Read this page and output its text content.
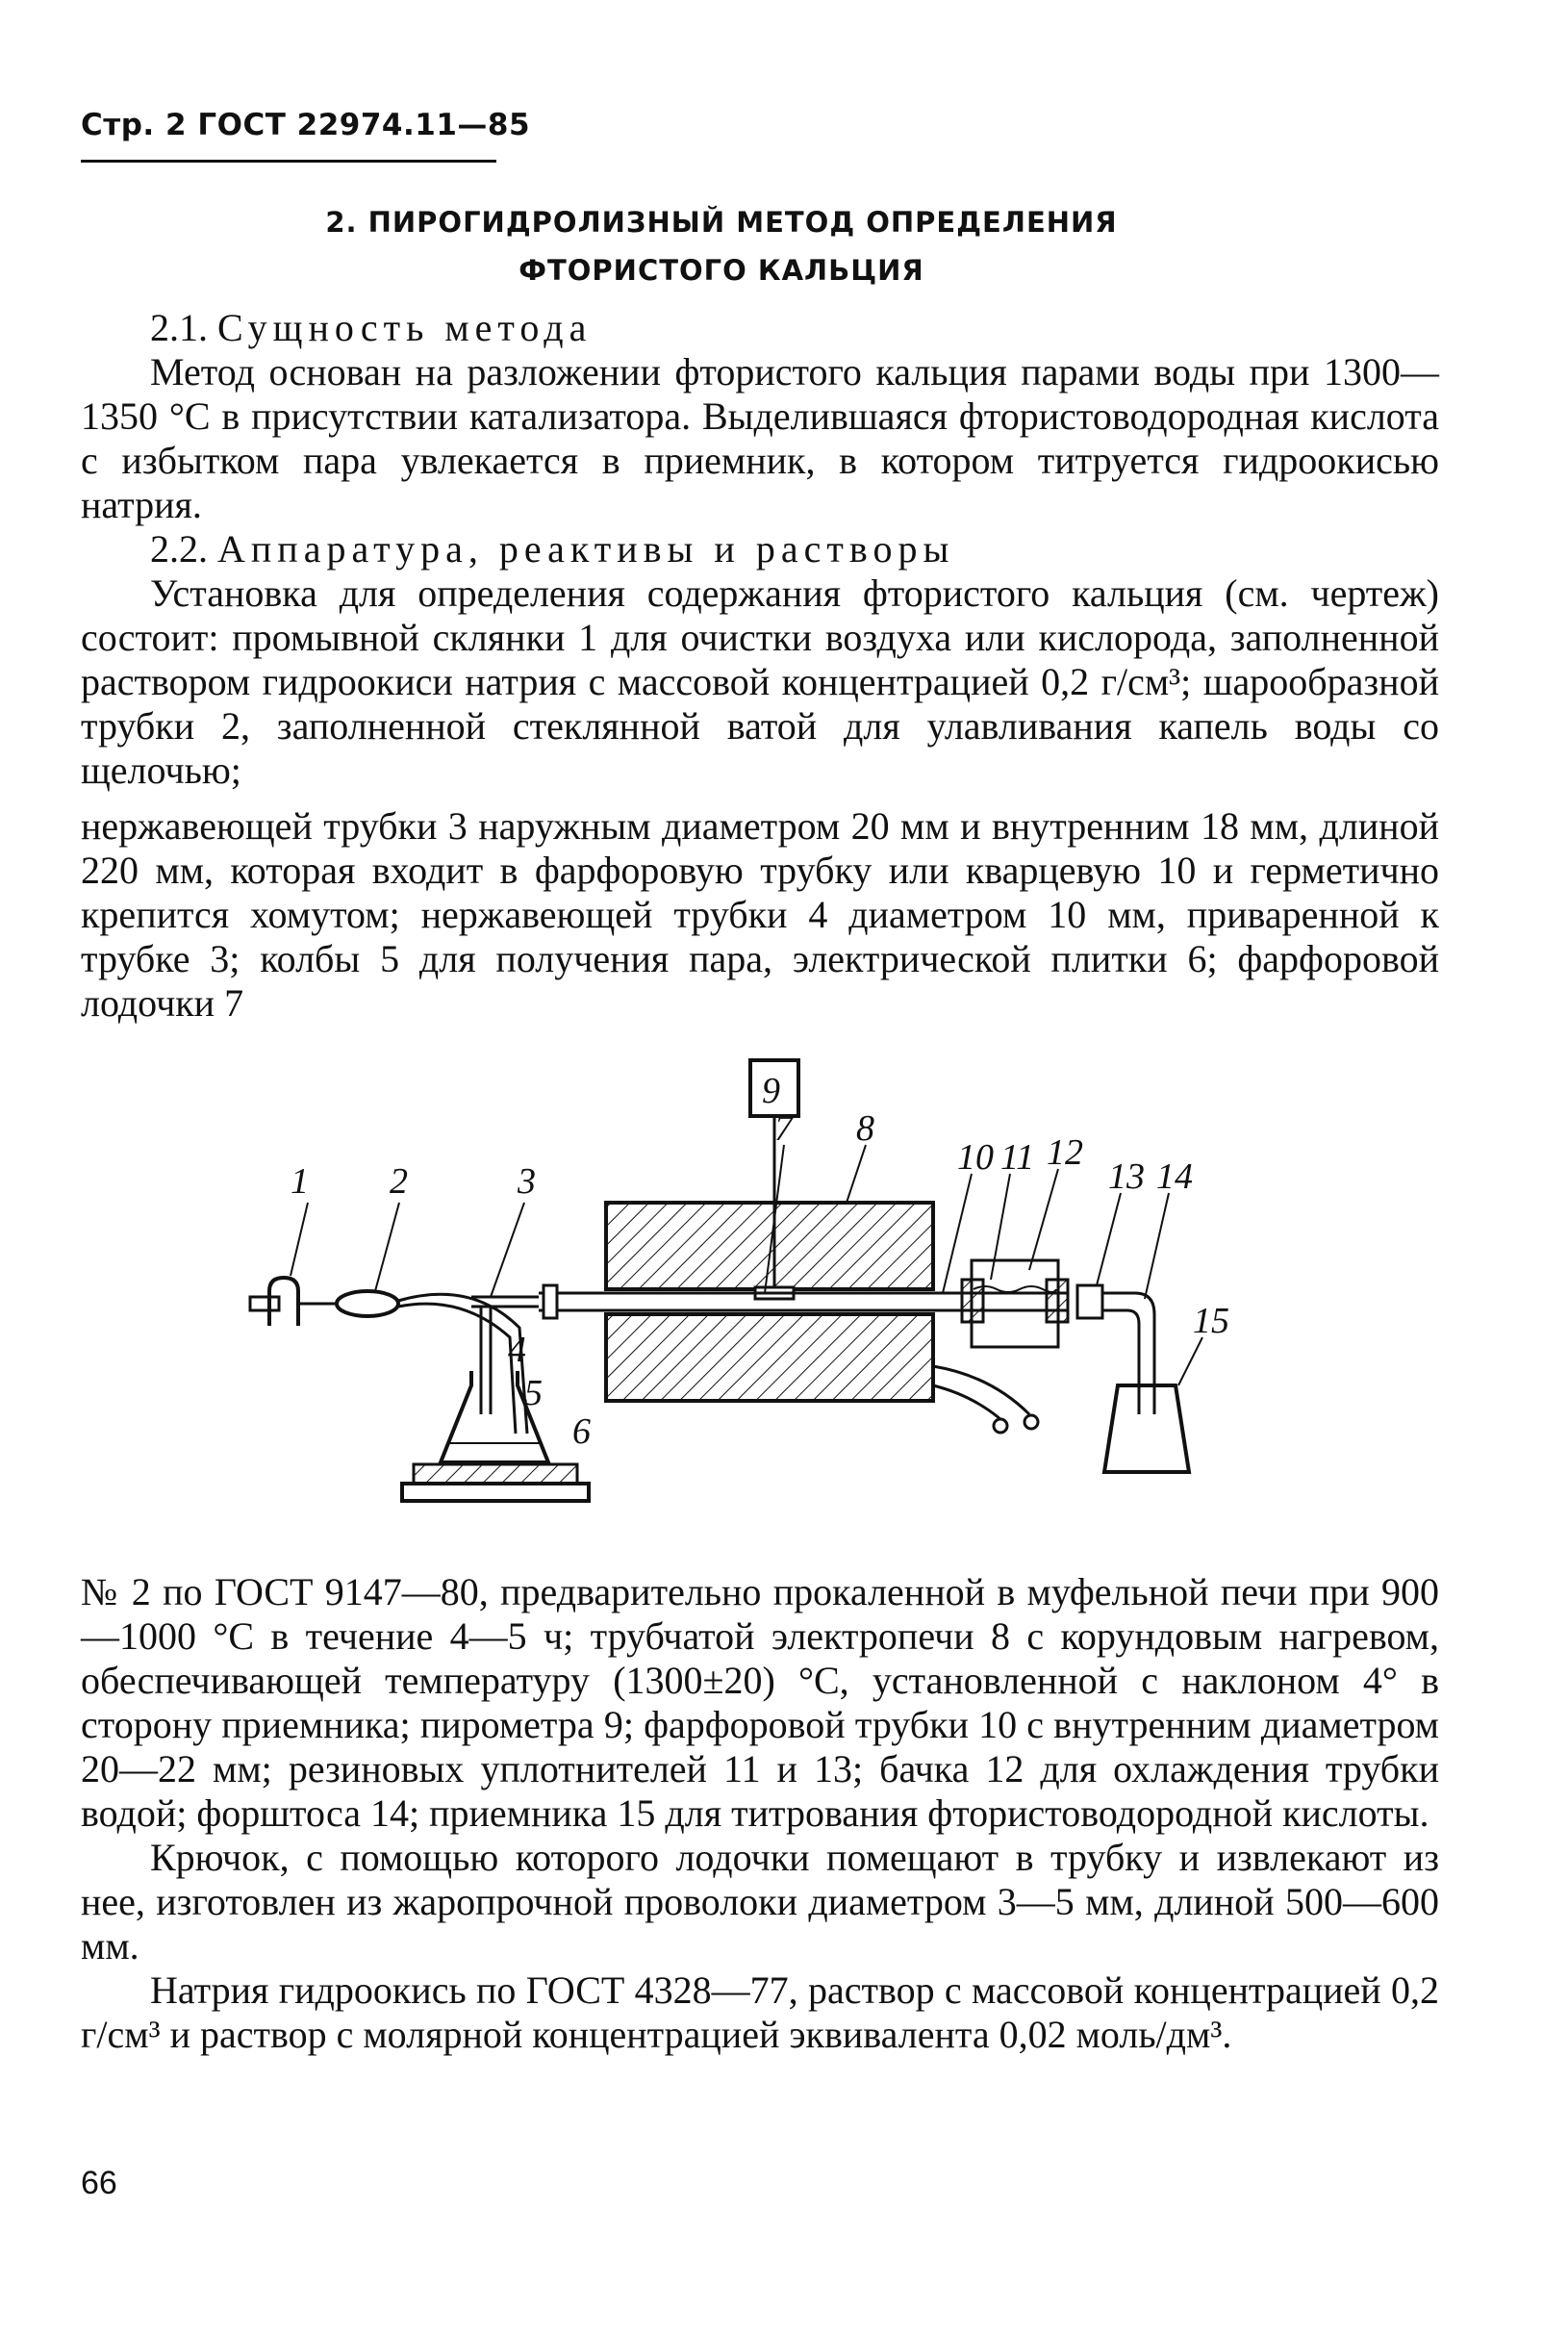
Стр. 2 ГОСТ 22974.11—85
2. ПИРОГИДРОЛИЗНЫЙ МЕТОД ОПРЕДЕЛЕНИЯ
ФТОРИСТОГО КАЛЬЦИЯ

2.1. Сущность метода

Метод основан на разложении фтористого кальция парами воды при 1300—1350 °С в присутствии катализатора. Выделившаяся фтористоводородная кислота с избытком пара увлекается в приемник, в котором титруется гидроокисью натрия.

2.2. Аппаратура, реактивы и растворы

Установка для определения содержания фтористого кальция (см. чертеж) состоит: промывной склянки 1 для очистки воздуха или кислорода, заполненной раствором гидроокиси натрия с массовой концентрацией 0,2 г/см³; шарообразной трубки 2, заполненной стеклянной ватой для улавливания капель воды со щелочью;

нержавеющей трубки 3 наружным диаметром 20 мм и внутренним 18 мм, длиной 220 мм, которая входит в фарфоровую трубку или кварцевую 10 и герметично крепится хомутом; нержавеющей трубки 4 диаметром 10 мм, приваренной к трубке 3; колбы 5 для получения пара, электрической плитки 6; фарфоровой лодочки 7

1 2	3
4
5
6
7 8
9
10 11 12
13 14
15

№ 2 по ГОСТ 9147—80, предварительно прокаленной в муфельной печи при 900—1000 °С в течение 4—5 ч; трубчатой электропечи 8 с корундовым нагревом, обеспечивающей температуру (1300±20) °С, установленной с наклоном 4° в сторону приемника; пирометра 9; фарфоровой трубки 10 с внутренним диаметром 20—22 мм; резиновых уплотнителей 11 и 13; бачка 12 для охлаждения трубки водой; форштоса 14; приемника 15 для титрования фтористоводородной кислоты.

Крючок, с помощью которого лодочки помещают в трубку и извлекают из нее, изготовлен из жаропрочной проволоки диаметром 3—5 мм, длиной 500—600 мм.

Натрия гидроокись по ГОСТ 4328—77, раствор с массовой концентрацией 0,2 г/см³ и раствор с молярной концентрацией эквивалента 0,02 моль/дм³.

66
